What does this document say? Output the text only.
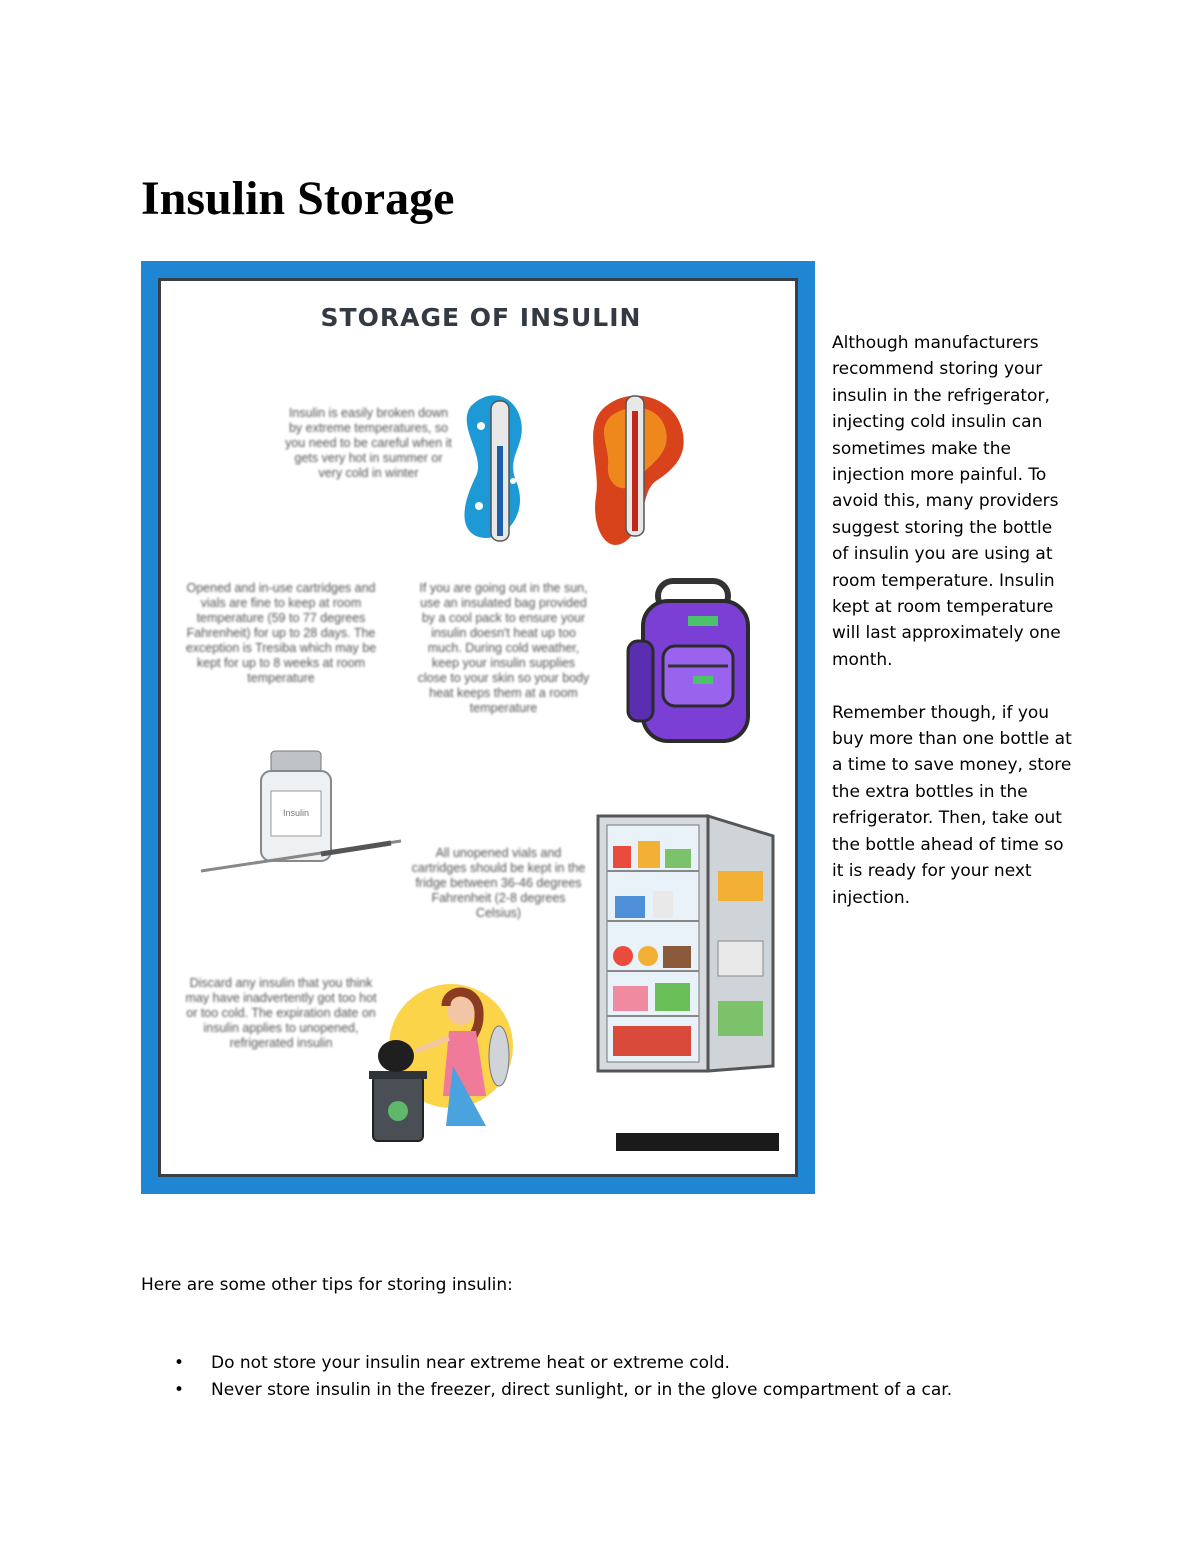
Insulin Storage
STORAGE OF INSULIN
Insulin is easily broken down by extreme temperatures, so you need to be careful when it gets very hot in summer or very cold in winter
Opened and in-use cartridges and vials are fine to keep at room temperature (59 to 77 degrees Fahrenheit) for up to 28 days. The exception is Tresiba which may be kept for up to 8 weeks at room temperature
If you are going out in the sun, use an insulated bag provided by a cool pack to ensure your insulin doesn't heat up too much. During cold weather, keep your insulin supplies close to your skin so your body heat keeps them at a room temperature
All unopened vials and cartridges should be kept in the fridge between 36-46 degrees Fahrenheit (2-8 degrees Celsius)
Discard any insulin that you think may have inadvertently got too hot or too cold. The expiration date on insulin applies to unopened, refrigerated insulin
Insulin

Although manufacturers recommend storing your insulin in the refrigerator, injecting cold insulin can sometimes make the injection more painful. To avoid this, many providers suggest storing the bottle of insulin you are using at room temperature. Insulin kept at room temperature will last approximately one month.

Remember though, if you buy more than one bottle at a time to save money, store the extra bottles in the refrigerator. Then, take out the bottle ahead of time so it is ready for your next injection.

Here are some other tips for storing insulin:

• Do not store your insulin near extreme heat or extreme cold.
• Never store insulin in the freezer, direct sunlight, or in the glove compartment of a car.
